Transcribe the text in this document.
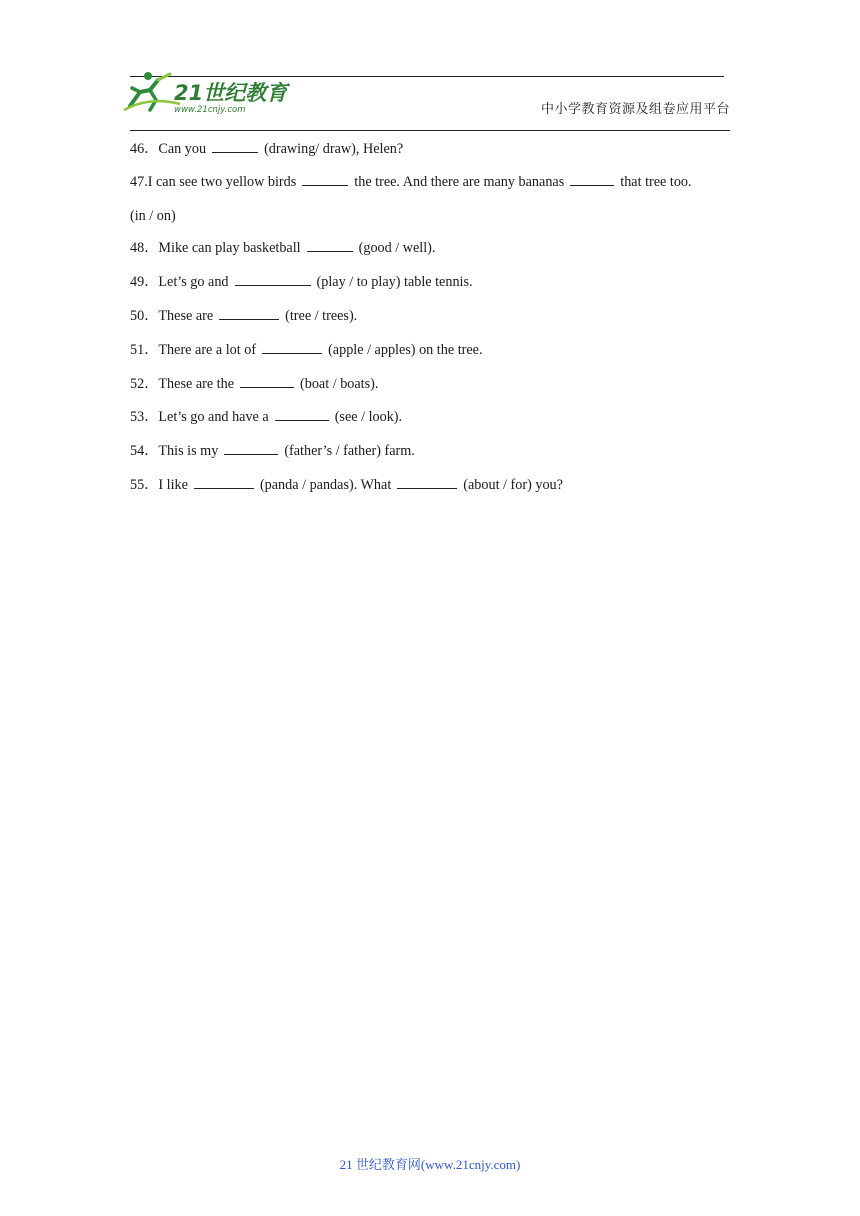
21世纪教育
www.21cnjy.com	中小学教育资源及组卷应用平台
46．Can you	(drawing/ draw), Helen?
47.I can see two yellow birds	the tree. And there are many bananas	that tree too.
(in / on)
48．Mike can play basketball	(good / well).
49．Let’s go and	(play / to play) table tennis.
50．These are	(tree / trees).
51．There are a lot of	(apple / apples) on the tree.
52．These are the	(boat / boats).
53．Let’s go and have a	(see / look).
54．This is my	(father’s / father) farm.
55．I like	(panda / pandas). What	(about / for) you?
21 世纪教育网(www.21cnjy.com)
